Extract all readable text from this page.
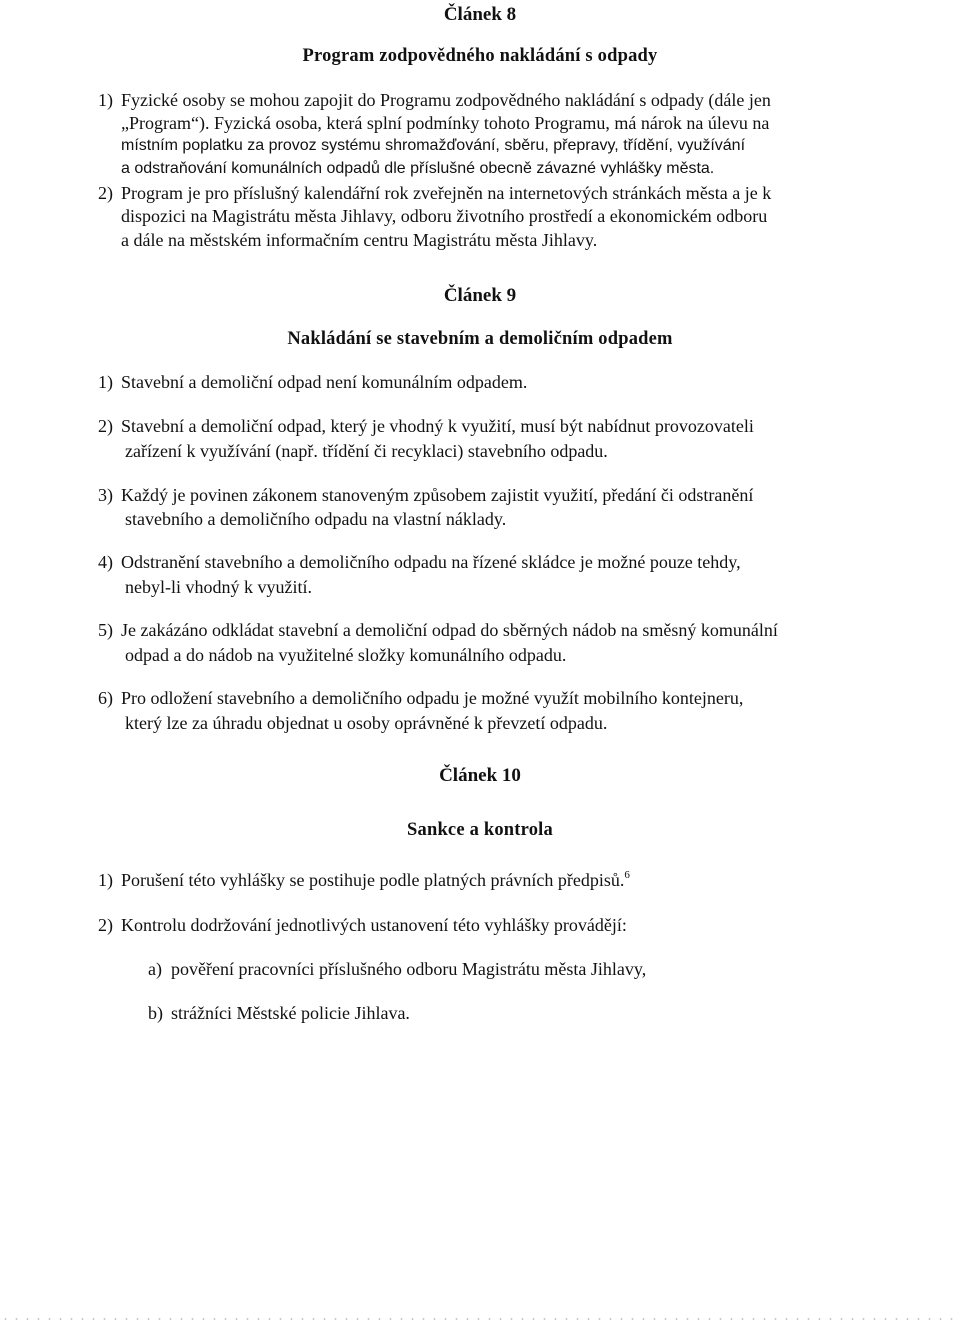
Článek 8
Program zodpovědného nakládání s odpady
1) Fyzické osoby se mohou zapojit do Programu zodpovědného nakládání s odpady (dále jen
„Program“). Fyzická osoba, která splní podmínky tohoto Programu, má nárok na úlevu na
místním poplatku za provoz systému shromažďování, sběru, přepravy, třídění, využívání
a odstraňování komunálních odpadů dle příslušné obecně závazné vyhlášky města.
2) Program je pro příslušný kalendářní rok zveřejněn na internetových stránkách města a je k
dispozici na Magistrátu města Jihlavy, odboru životního prostředí a ekonomickém odboru
a dále na městském informačním centru Magistrátu města Jihlavy.
Článek 9
Nakládání se stavebním a demoličním odpadem
1) Stavební a demoliční odpad není komunálním odpadem.
2) Stavební a demoliční odpad, který je vhodný k využití, musí být nabídnut provozovateli
zařízení k využívání (např. třídění či recyklaci) stavebního odpadu.
3) Každý je povinen zákonem stanoveným způsobem zajistit využití, předání či odstranění
stavebního a demoličního odpadu na vlastní náklady.
4) Odstranění stavebního a demoličního odpadu na řízené skládce je možné pouze tehdy,
nebyl-li vhodný k využití.
5) Je zakázáno odkládat stavební a demoliční odpad do sběrných nádob na směsný komunální
odpad a do nádob na využitelné složky komunálního odpadu.
6) Pro odložení stavebního a demoličního odpadu je možné využít mobilního kontejneru,
který lze za úhradu objednat u osoby oprávněné k převzetí odpadu.
Článek 10
Sankce a kontrola
1) Porušení této vyhlášky se postihuje podle platných právních předpisů.$^6$
2) Kontrolu dodržování jednotlivých ustanovení této vyhlášky provádějí:
a) pověření pracovníci příslušného odboru Magistrátu města Jihlavy,
b) strážníci Městské policie Jihlava.
